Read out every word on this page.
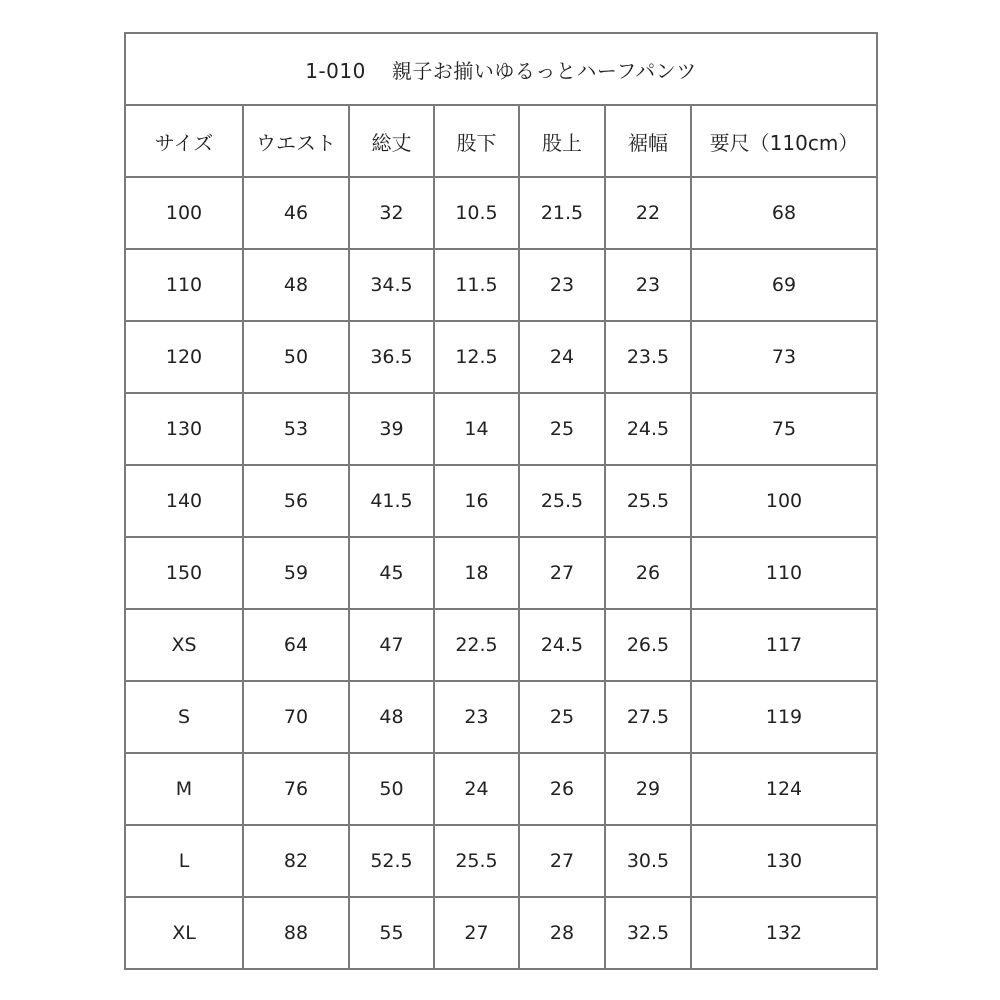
1-010 親子お揃いゆるっとハーフパンツ						
サイズ	ウエスト	総丈	股下	股上	裾幅	要尺（110cm）
100	46	32	10.5	21.5	22	68
110	48	34.5	11.5	23	23	69
120	50	36.5	12.5	24	23.5	73
130	53	39	14	25	24.5	75
140	56	41.5	16	25.5	25.5	100
150	59	45	18	27	26	110
XS	64	47	22.5	24.5	26.5	117
S	70	48	23	25	27.5	119
M	76	50	24	26	29	124
L	82	52.5	25.5	27	30.5	130
XL	88	55	27	28	32.5	132
